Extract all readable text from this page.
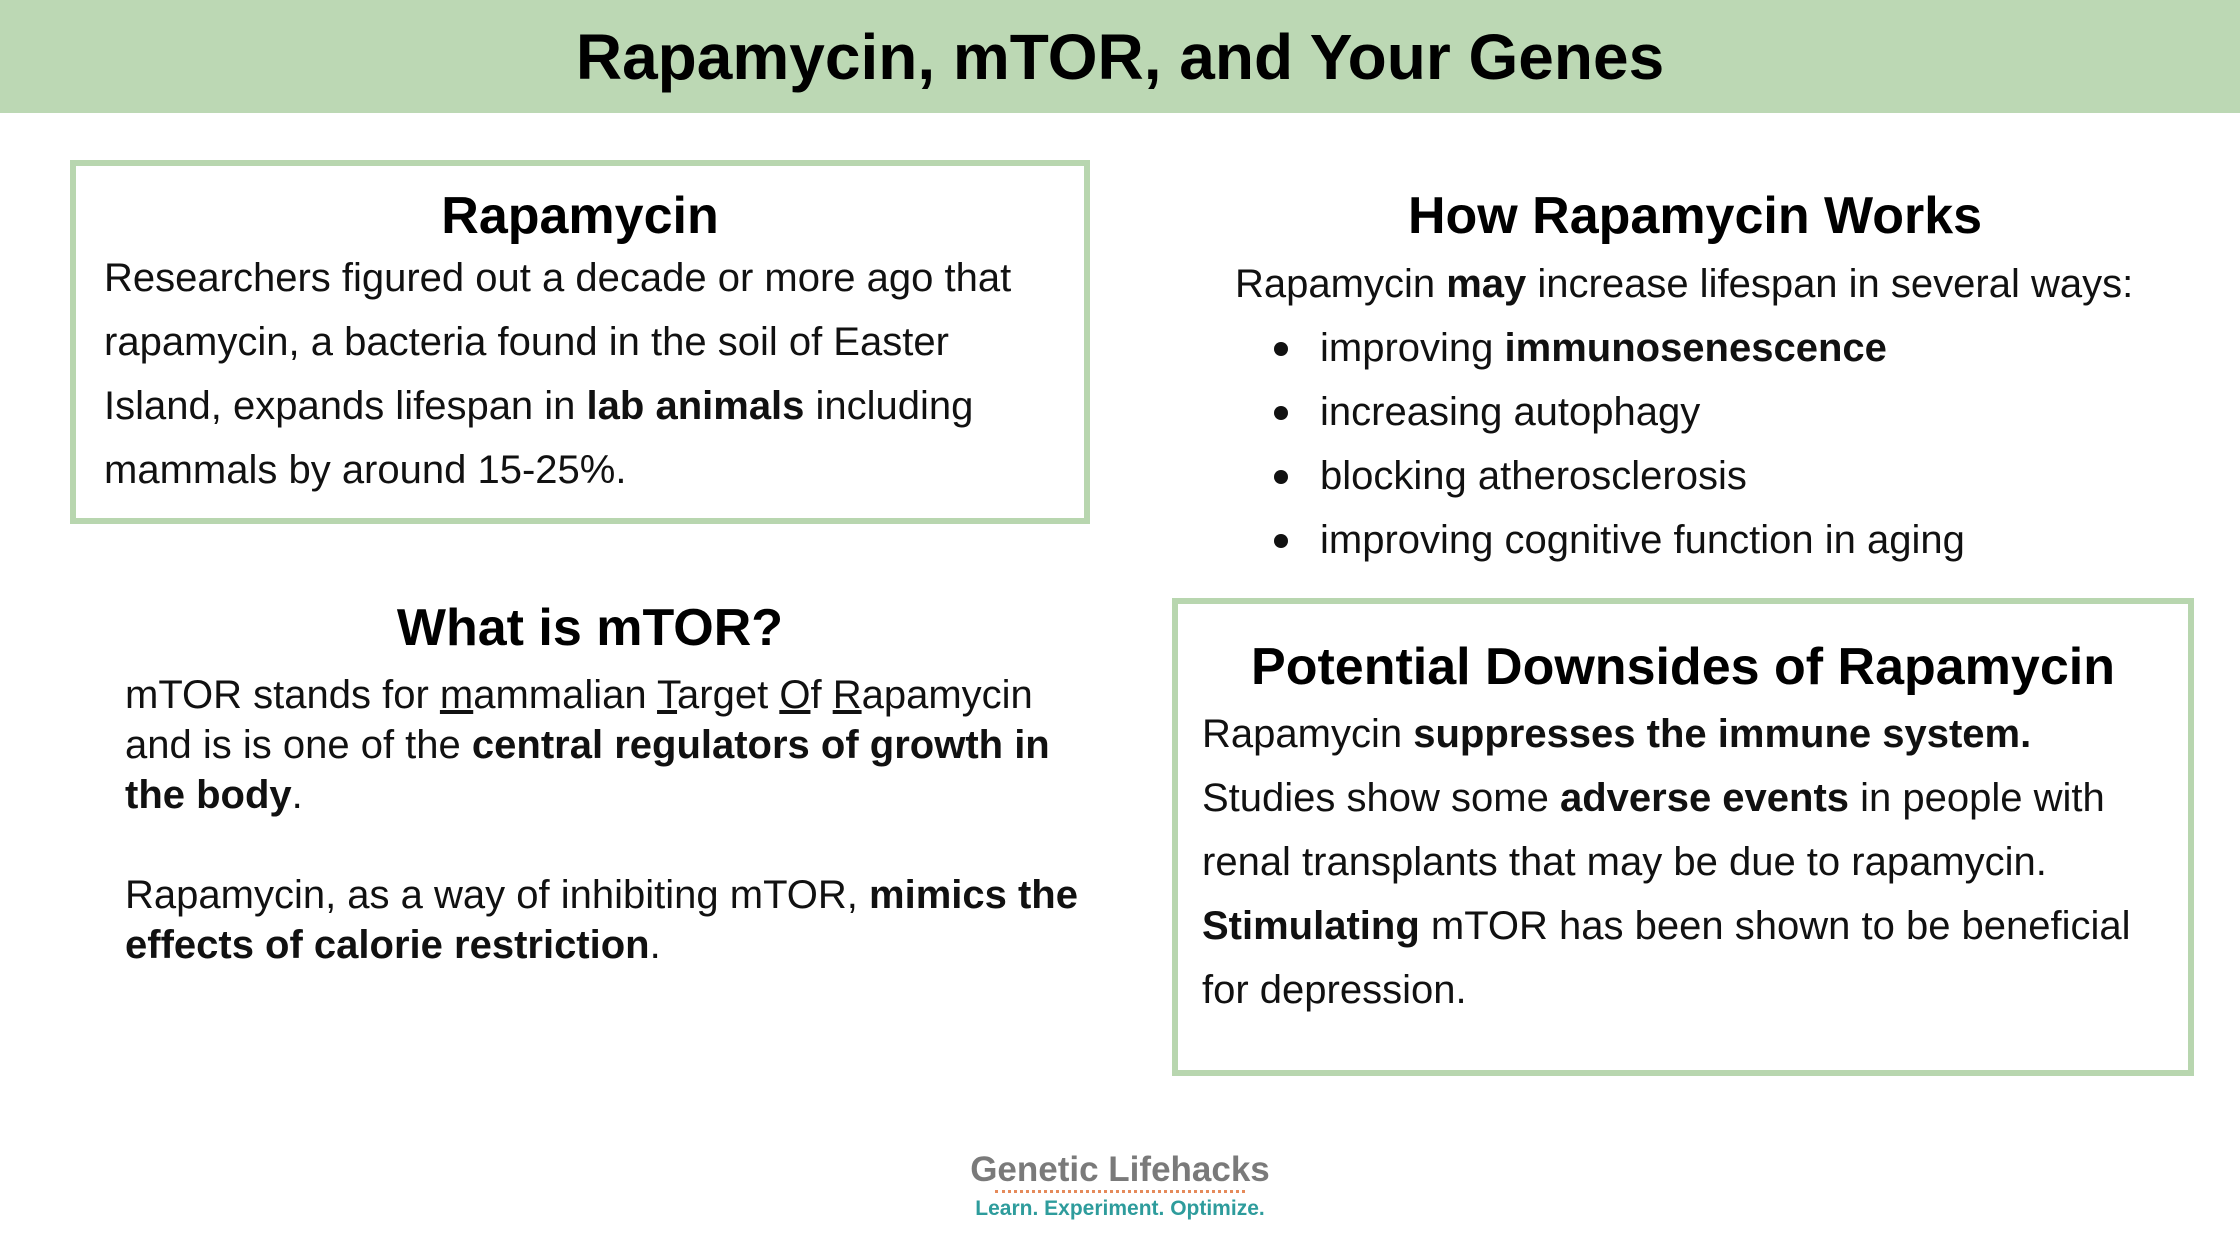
Rapamycin, mTOR, and Your Genes
Rapamycin
Researchers figured out a decade or more ago that rapamycin, a bacteria found in the soil of Easter Island, expands lifespan in lab animals including mammals by around 15-25%.
How Rapamycin Works
Rapamycin may increase lifespan in several ways:
improving immunosenescence
increasing autophagy
blocking atherosclerosis
improving cognitive function in aging
What is mTOR?
mTOR stands for mammalian Target Of Rapamycin and is is one of the central regulators of growth in the body.
Rapamycin, as a way of inhibiting mTOR, mimics the effects of calorie restriction.
Potential Downsides of Rapamycin
Rapamycin suppresses the immune system.
Studies show some adverse events in people with renal transplants that may be due to rapamycin.
Stimulating mTOR has been shown to be beneficial for depression.
Genetic Lifehacks
Learn. Experiment. Optimize.
